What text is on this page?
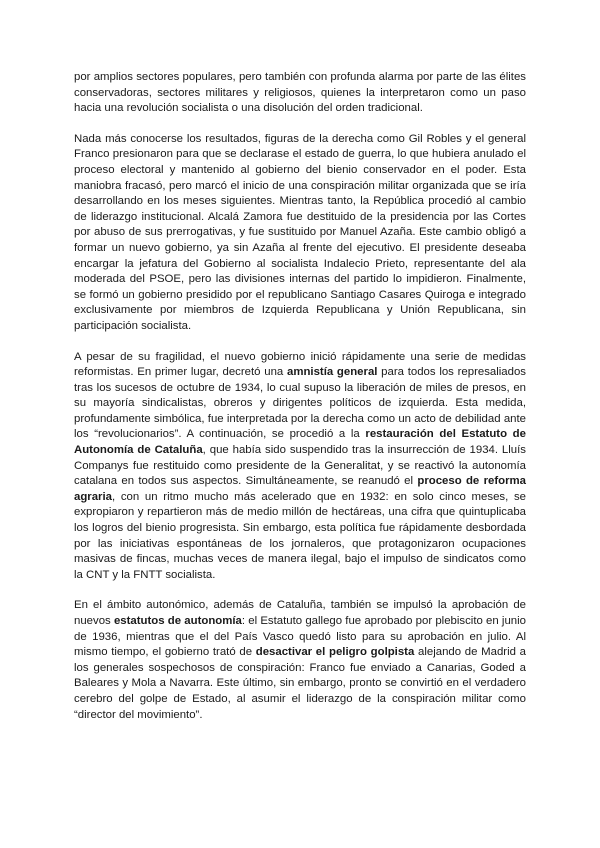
por amplios sectores populares, pero también con profunda alarma por parte de las élites conservadoras, sectores militares y religiosos, quienes la interpretaron como un paso hacia una revolución socialista o una disolución del orden tradicional.

Nada más conocerse los resultados, figuras de la derecha como Gil Robles y el general Franco presionaron para que se declarase el estado de guerra, lo que hubiera anulado el proceso electoral y mantenido al gobierno del bienio conservador en el poder. Esta maniobra fracasó, pero marcó el inicio de una conspiración militar organizada que se iría desarrollando en los meses siguientes. Mientras tanto, la República procedió al cambio de liderazgo institucional. Alcalá Zamora fue destituido de la presidencia por las Cortes por abuso de sus prerrogativas, y fue sustituido por Manuel Azaña. Este cambio obligó a formar un nuevo gobierno, ya sin Azaña al frente del ejecutivo. El presidente deseaba encargar la jefatura del Gobierno al socialista Indalecio Prieto, representante del ala moderada del PSOE, pero las divisiones internas del partido lo impidieron. Finalmente, se formó un gobierno presidido por el republicano Santiago Casares Quiroga e integrado exclusivamente por miembros de Izquierda Republicana y Unión Republicana, sin participación socialista.

A pesar de su fragilidad, el nuevo gobierno inició rápidamente una serie de medidas reformistas. En primer lugar, decretó una amnistía general para todos los represaliados tras los sucesos de octubre de 1934, lo cual supuso la liberación de miles de presos, en su mayoría sindicalistas, obreros y dirigentes políticos de izquierda. Esta medida, profundamente simbólica, fue interpretada por la derecha como un acto de debilidad ante los “revolucionarios”. A continuación, se procedió a la restauración del Estatuto de Autonomía de Cataluña, que había sido suspendido tras la insurrección de 1934. Lluís Companys fue restituido como presidente de la Generalitat, y se reactivó la autonomía catalana en todos sus aspectos. Simultáneamente, se reanudó el proceso de reforma agraria, con un ritmo mucho más acelerado que en 1932: en solo cinco meses, se expropiaron y repartieron más de medio millón de hectáreas, una cifra que quintuplicaba los logros del bienio progresista. Sin embargo, esta política fue rápidamente desbordada por las iniciativas espontáneas de los jornaleros, que protagonizaron ocupaciones masivas de fincas, muchas veces de manera ilegal, bajo el impulso de sindicatos como la CNT y la FNTT socialista.

En el ámbito autonómico, además de Cataluña, también se impulsó la aprobación de nuevos estatutos de autonomía: el Estatuto gallego fue aprobado por plebiscito en junio de 1936, mientras que el del País Vasco quedó listo para su aprobación en julio. Al mismo tiempo, el gobierno trató de desactivar el peligro golpista alejando de Madrid a los generales sospechosos de conspiración: Franco fue enviado a Canarias, Goded a Baleares y Mola a Navarra. Este último, sin embargo, pronto se convirtió en el verdadero cerebro del golpe de Estado, al asumir el liderazgo de la conspiración militar como “director del movimiento”.
